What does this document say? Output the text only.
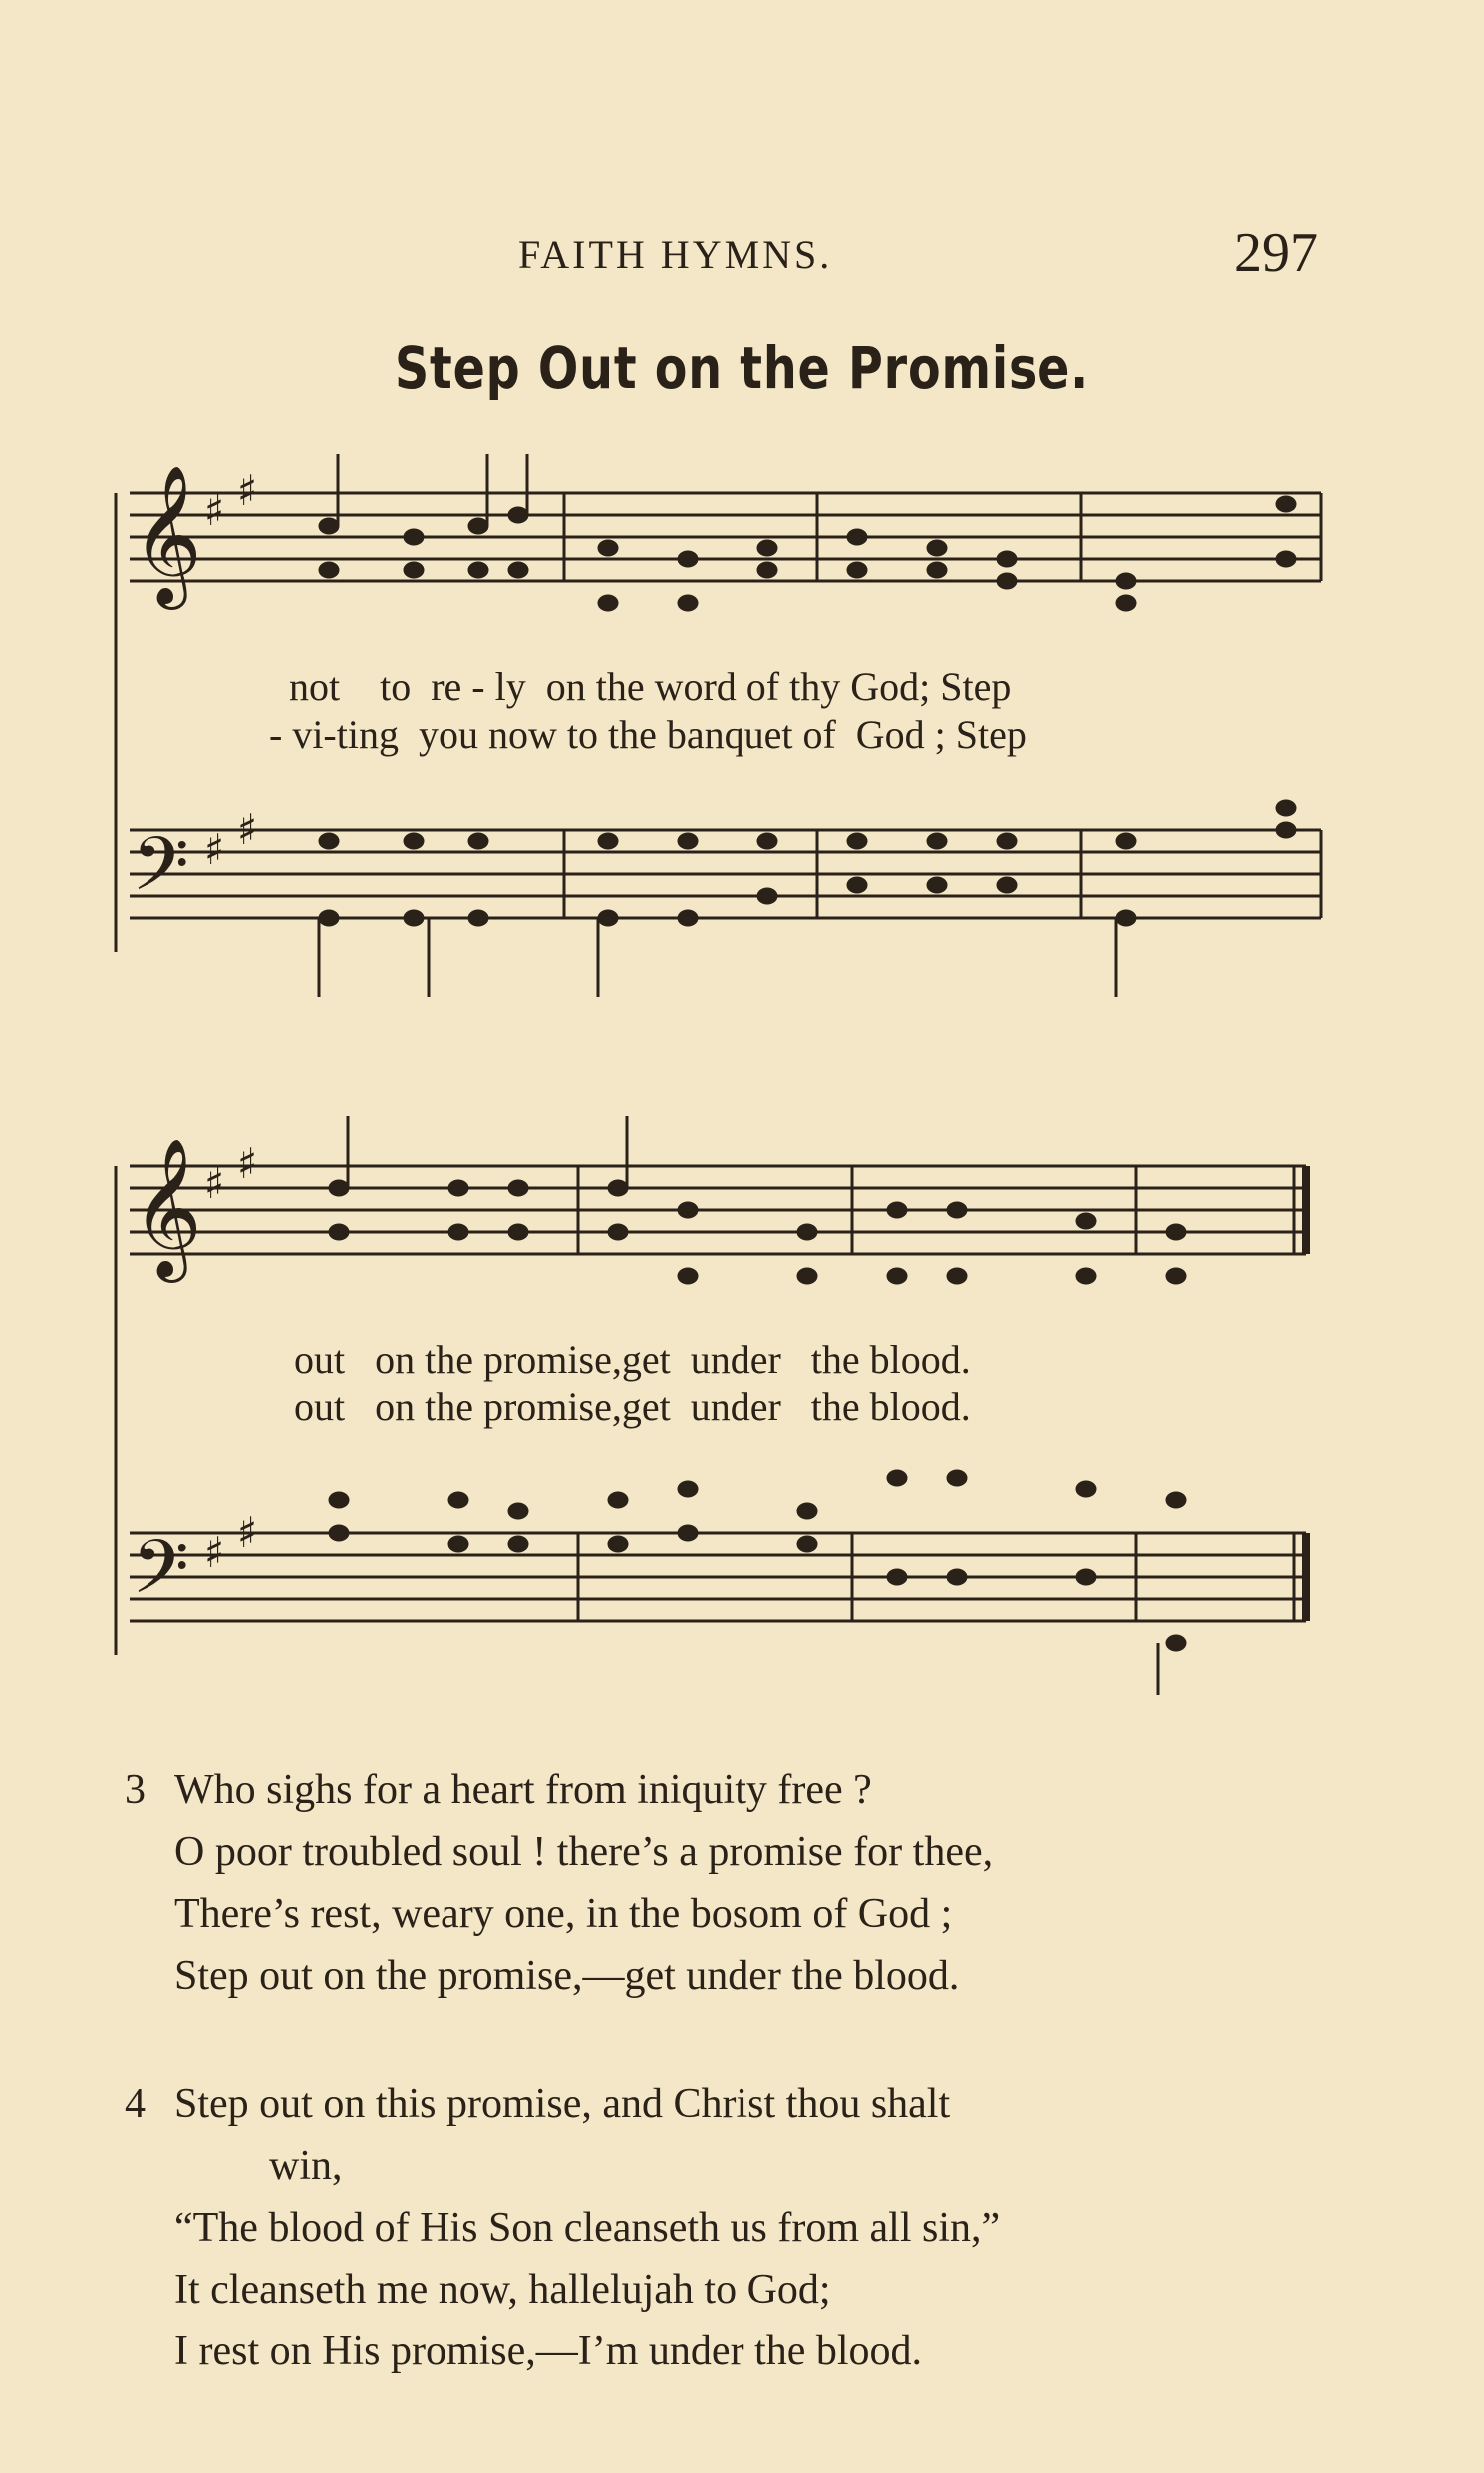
FAITH HYMNS.	297
Step Out on the Promise.
𝄞
𝄢
♯ ♯
♯ ♯
not    to  re - ly  on the word of thy God; Step
- vi-ting  you now to the banquet of  God ; Step
𝄞
𝄢
♯ ♯
♯ ♯
out   on the promise,get  under   the blood.
out   on the promise,get  under   the blood.
3 Who sighs for a heart from iniquity free ?
O poor troubled soul ! there’s a promise for thee,
There’s rest, weary one, in the bosom of God ;
Step out on the promise,—get under the blood.
4 Step out on this promise, and Christ thou shalt
win,
“The blood of His Son cleanseth us from all sin,”
It cleanseth me now, hallelujah to God;
I rest on His promise,—I’m under the blood.
